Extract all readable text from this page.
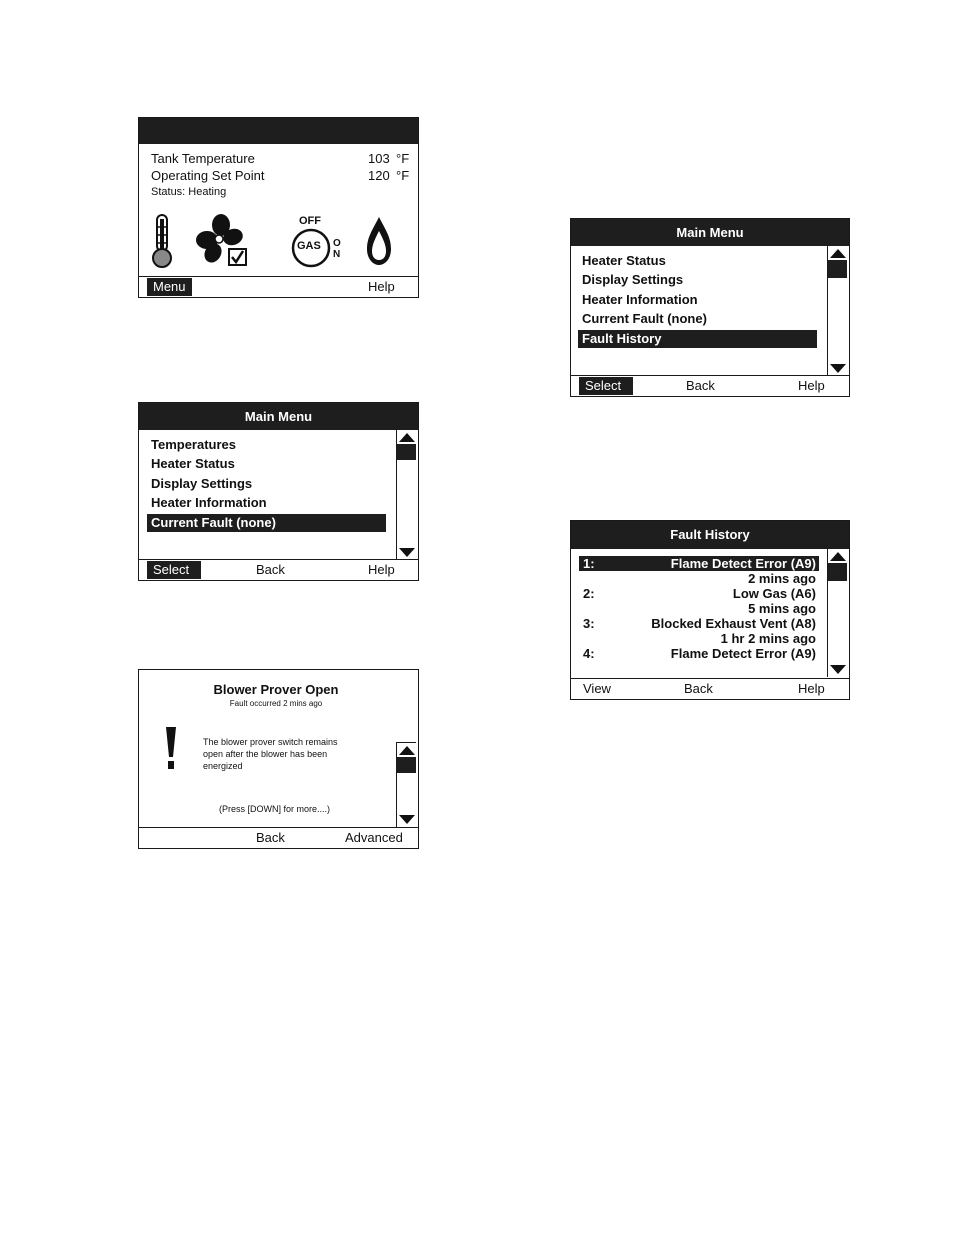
Tank Temperature	103 °F
Operating Set Point	120 °F
Status: Heating
OFF
GAS O N
Menu	Help
Main Menu
Temperatures
Heater Status
Display Settings
Heater Information
Current Fault (none)
Select	Back	Help
Blower Prover Open
Fault occurred 2 mins ago
The blower prover switch remains
open after the blower has been
energized
(Press [DOWN] for more....)
Back	Advanced
Main Menu
Heater Status
Display Settings
Heater Information
Current Fault (none)
Fault History
Select	Back	Help
Fault History
1:	Flame Detect Error (A9)
2 mins ago
2:	Low Gas (A6)
5 mins ago
3:	Blocked Exhaust Vent (A8)
1 hr 2 mins ago
4:	Flame Detect Error (A9)
View	Back	Help
